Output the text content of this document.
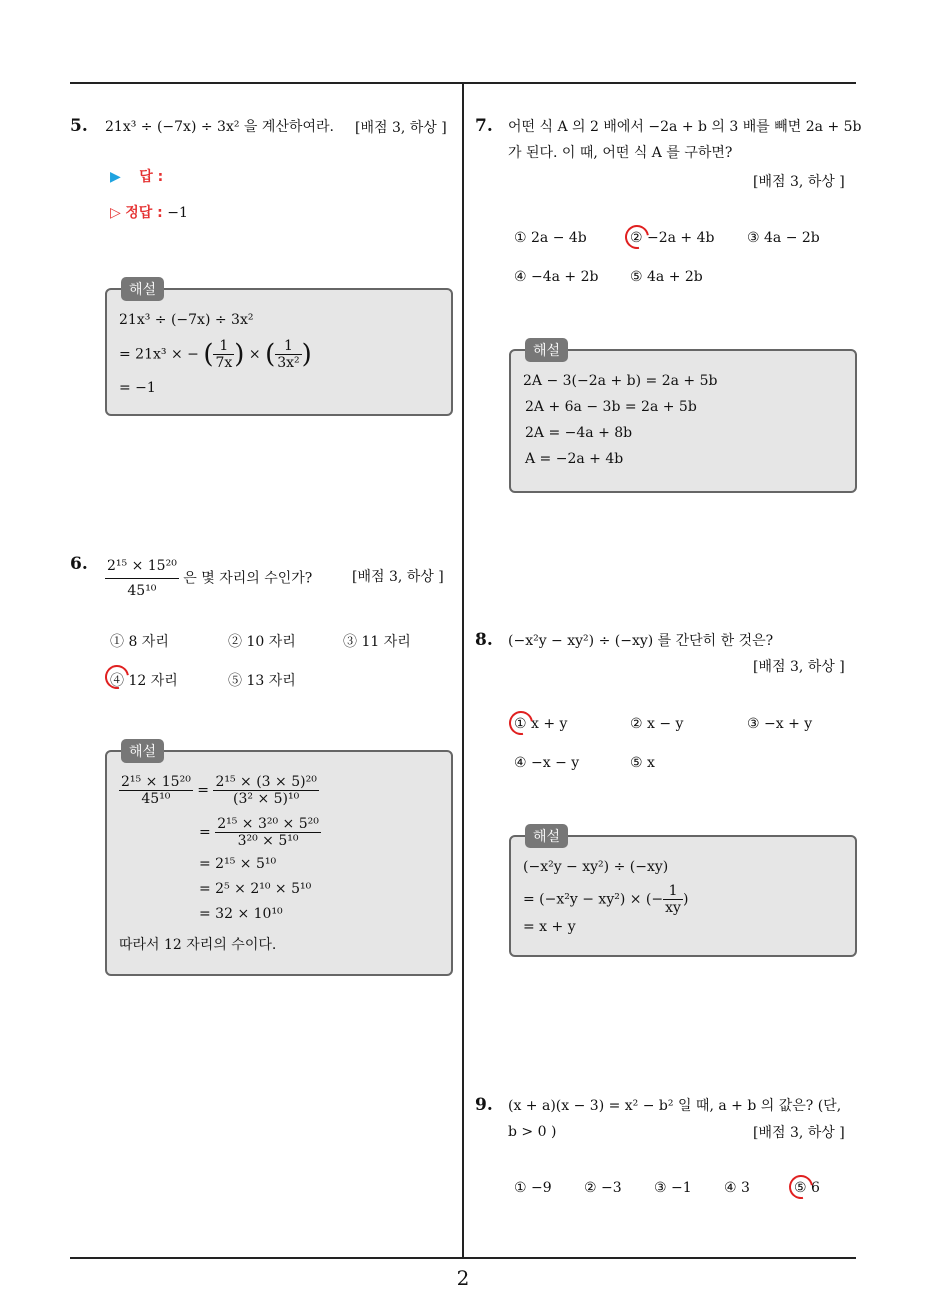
5. 21x³ ÷ (−7x) ÷ 3x² 을 계산하여라. [배점 3, 하상 ]
▶ 답 :
▷ 정답 : −1
해설
21x³ ÷ (−7x) ÷ 3x²
= 21x³ × − ( $\frac{1}{7x}$ ) × ( $\frac{1}{\text{3x²}}$ )
= −1
6. $\frac{\text{2¹⁵ × 15²⁰}}{\text{45¹⁰}}$ 은 몇 자리의 수인가?	[배점 3, 하상 ]
① 8 자리	② 10 자리	③ 11 자리
④ 12 자리	⑤ 13 자리
해설
$\frac{\text{2¹⁵ × 15²⁰}}{\text{45¹⁰}} = \frac{\text{2¹⁵ × (3 × 5)²⁰}}{\text{(3² × 5)¹⁰}}$
= $\frac{\text{2¹⁵ × 3²⁰ × 5²⁰}}{\text{3²⁰ × 5¹⁰}}$
= 2¹⁵ × 5¹⁰
= 2⁵ × 2¹⁰ × 5¹⁰
= 32 × 10¹⁰
따라서 12 자리의 수이다.
7. 어떤 식 A 의 2 배에서 −2a + b 의 3 배를 빼면 2a + 5b
가 된다. 이 때, 어떤 식 A 를 구하면?
[배점 3, 하상 ]
① 2a − 4b	② −2a + 4b ③ 4a − 2b
④ −4a + 2b ⑤ 4a + 2b
해설
2A − 3(−2a + b) = 2a + 5b
2A + 6a − 3b = 2a + 5b
2A = −4a + 8b
A = −2a + 4b
8. (−x²y − xy²) ÷ (−xy) 를 간단히 한 것은?
[배점 3, 하상 ]
① x + y	② x − y	③ −x + y
④ −x − y	⑤ x
해설
(−x²y − xy²) ÷ (−xy)
= (−x²y − xy²) × (− $\frac{1}{xy}$ )
= x + y
9. (x + a)(x − 3) = x² − b² 일 때, a + b 의 값은? (단,
b > 0 )	[배점 3, 하상 ]
① −9 ② −3 ③ −1 ④ 3	⑤ 6
2
